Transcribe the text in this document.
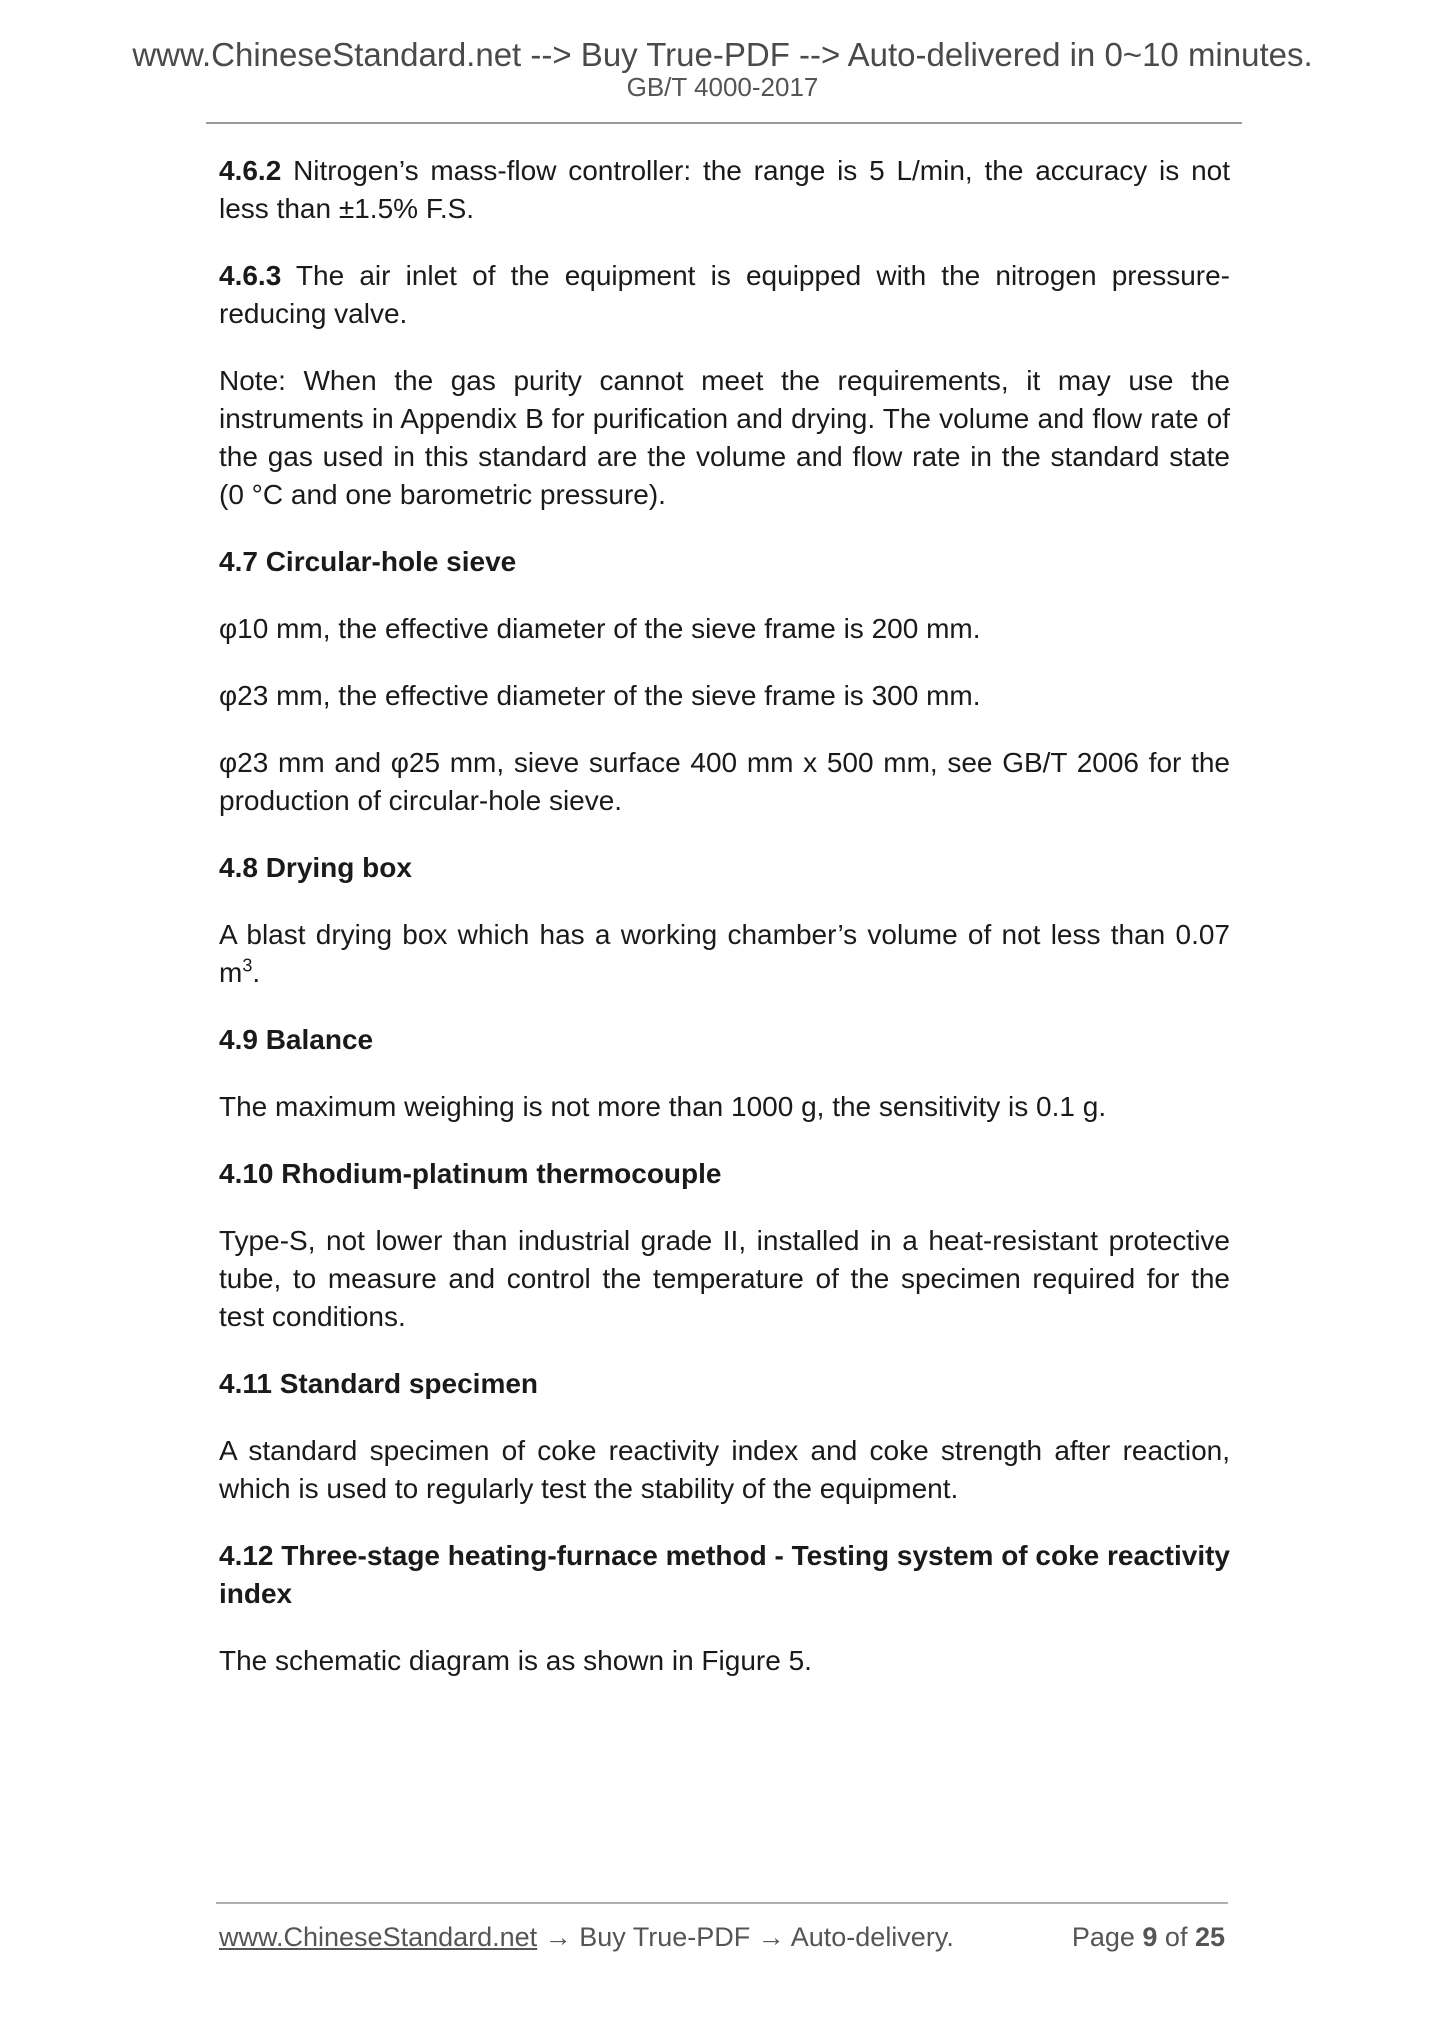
www.ChineseStandard.net --> Buy True-PDF --> Auto-delivered in 0~10 minutes.
GB/T 4000-2017

4.6.2 Nitrogen’s mass-flow controller: the range is 5 L/min, the accuracy is not less than ±1.5% F.S.

4.6.3 The air inlet of the equipment is equipped with the nitrogen pressure-reducing valve.

Note: When the gas purity cannot meet the requirements, it may use the instruments in Appendix B for purification and drying. The volume and flow rate of the gas used in this standard are the volume and flow rate in the standard state (0 °C and one barometric pressure).

4.7 Circular-hole sieve

φ10 mm, the effective diameter of the sieve frame is 200 mm.

φ23 mm, the effective diameter of the sieve frame is 300 mm.

φ23 mm and φ25 mm, sieve surface 400 mm x 500 mm, see GB/T 2006 for the production of circular-hole sieve.

4.8 Drying box

A blast drying box which has a working chamber’s volume of not less than 0.07 $m^3$.

4.9 Balance

The maximum weighing is not more than 1000 g, the sensitivity is 0.1 g.

4.10 Rhodium-platinum thermocouple

Type-S, not lower than industrial grade II, installed in a heat-resistant protective tube, to measure and control the temperature of the specimen required for the test conditions.

4.11 Standard specimen

A standard specimen of coke reactivity index and coke strength after reaction, which is used to regularly test the stability of the equipment.

4.12 Three-stage heating-furnace method - Testing system of coke reactivity index

The schematic diagram is as shown in Figure 5.

www.ChineseStandard.net → Buy True-PDF → Auto-delivery.	Page 9 of 25
